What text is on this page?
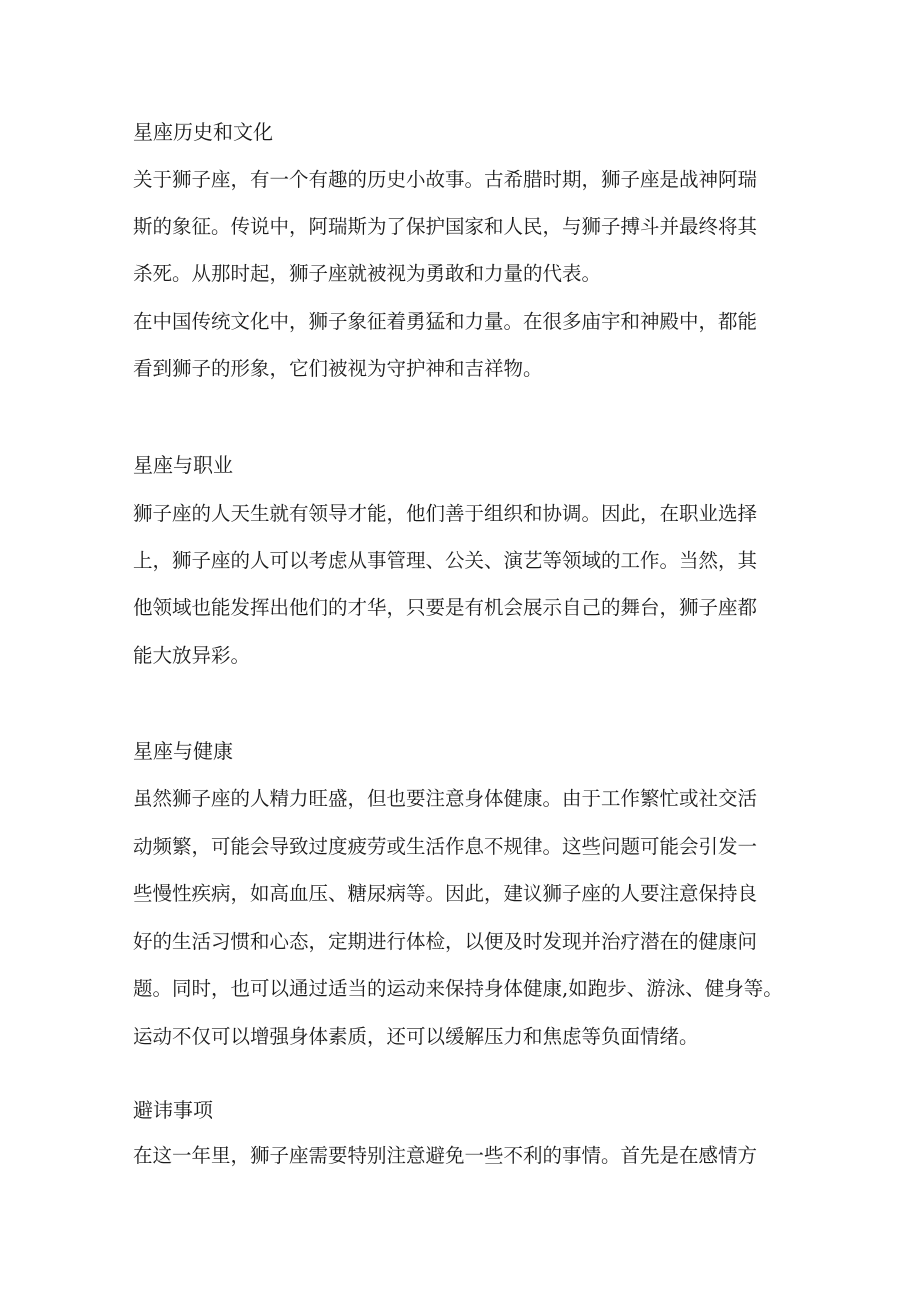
星座历史和文化
关于狮子座，有一个有趣的历史小故事。古希腊时期，狮子座是战神阿瑞
斯的象征。传说中，阿瑞斯为了保护国家和人民，与狮子搏斗并最终将其
杀死。从那时起，狮子座就被视为勇敢和力量的代表。
在中国传统文化中，狮子象征着勇猛和力量。在很多庙宇和神殿中，都能
看到狮子的形象，它们被视为守护神和吉祥物。
星座与职业
狮子座的人天生就有领导才能，他们善于组织和协调。因此，在职业选择
上，狮子座的人可以考虑从事管理、公关、演艺等领域的工作。当然，其
他领域也能发挥出他们的才华，只要是有机会展示自己的舞台，狮子座都
能大放异彩。
星座与健康
虽然狮子座的人精力旺盛，但也要注意身体健康。由于工作繁忙或社交活
动频繁，可能会导致过度疲劳或生活作息不规律。这些问题可能会引发一
些慢性疾病，如高血压、糖尿病等。因此，建议狮子座的人要注意保持良
好的生活习惯和心态，定期进行体检，以便及时发现并治疗潜在的健康问
题。同时，也可以通过适当的运动来保持身体健康,如跑步、游泳、健身等。
运动不仅可以增强身体素质，还可以缓解压力和焦虑等负面情绪。
避讳事项
在这一年里，狮子座需要特别注意避免一些不利的事情。首先是在感情方
